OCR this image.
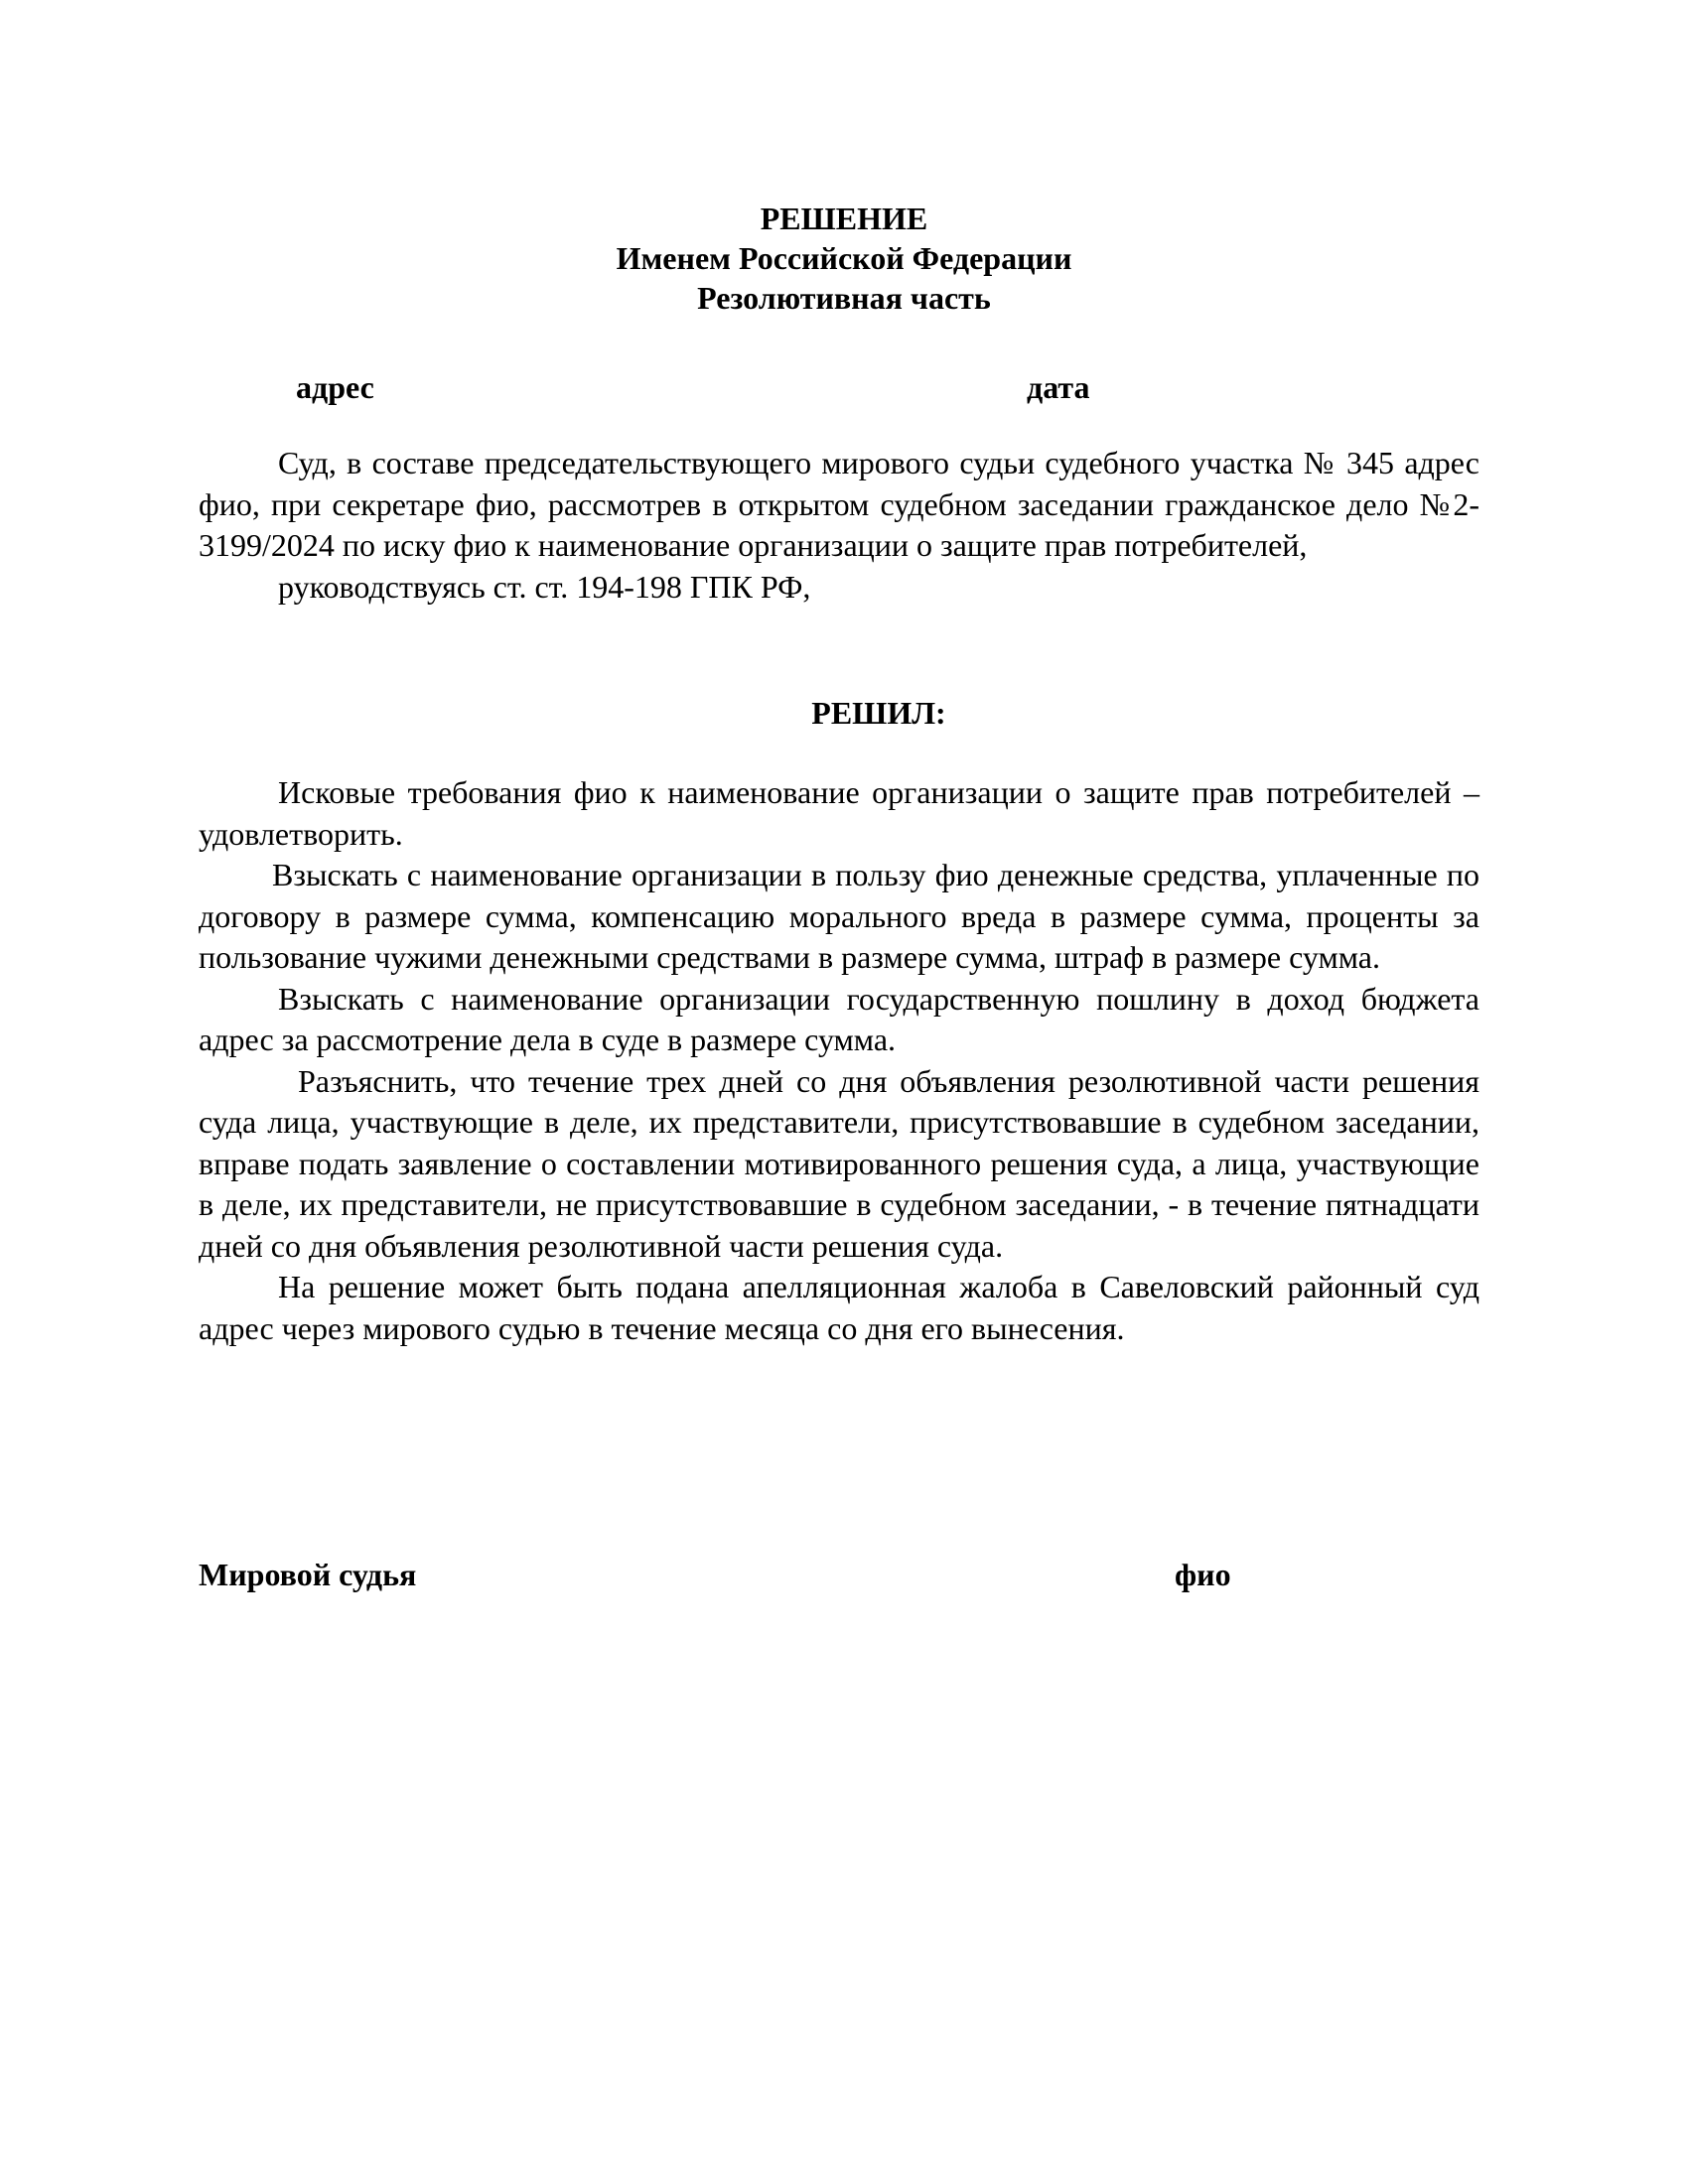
РЕШЕНИЕ
Именем Российской Федерации
Резолютивная часть
адрес	дата

Суд, в составе председательствующего мирового судьи судебного участка № 345 адрес фио, при секретаре фио, рассмотрев в открытом судебном заседании гражданское дело №2-3199/2024 по иску фио к наименование организации о защите прав потребителей,

руководствуясь ст. ст. 194-198 ГПК РФ,

РЕШИЛ:

Исковые требования фио к наименование организации о защите прав потребителей – удовлетворить.

Взыскать с наименование организации в пользу фио денежные средства, уплаченные по договору в размере сумма, компенсацию морального вреда в размере сумма, проценты за пользование чужими денежными средствами в размере сумма, штраф в размере сумма.

Взыскать с наименование организации государственную пошлину в доход бюджета адрес за рассмотрение дела в суде в размере сумма.

Разъяснить, что течение трех дней со дня объявления резолютивной части решения суда лица, участвующие в деле, их представители, присутствовавшие в судебном заседании, вправе подать заявление о составлении мотивированного решения суда, а лица, участвующие в деле, их представители, не присутствовавшие в судебном заседании, - в течение пятнадцати дней со дня объявления резолютивной части решения суда.

На решение может быть подана апелляционная жалоба в Савеловский районный суд адрес через мирового судью в течение месяца со дня его вынесения.

Мировой судья	фио
